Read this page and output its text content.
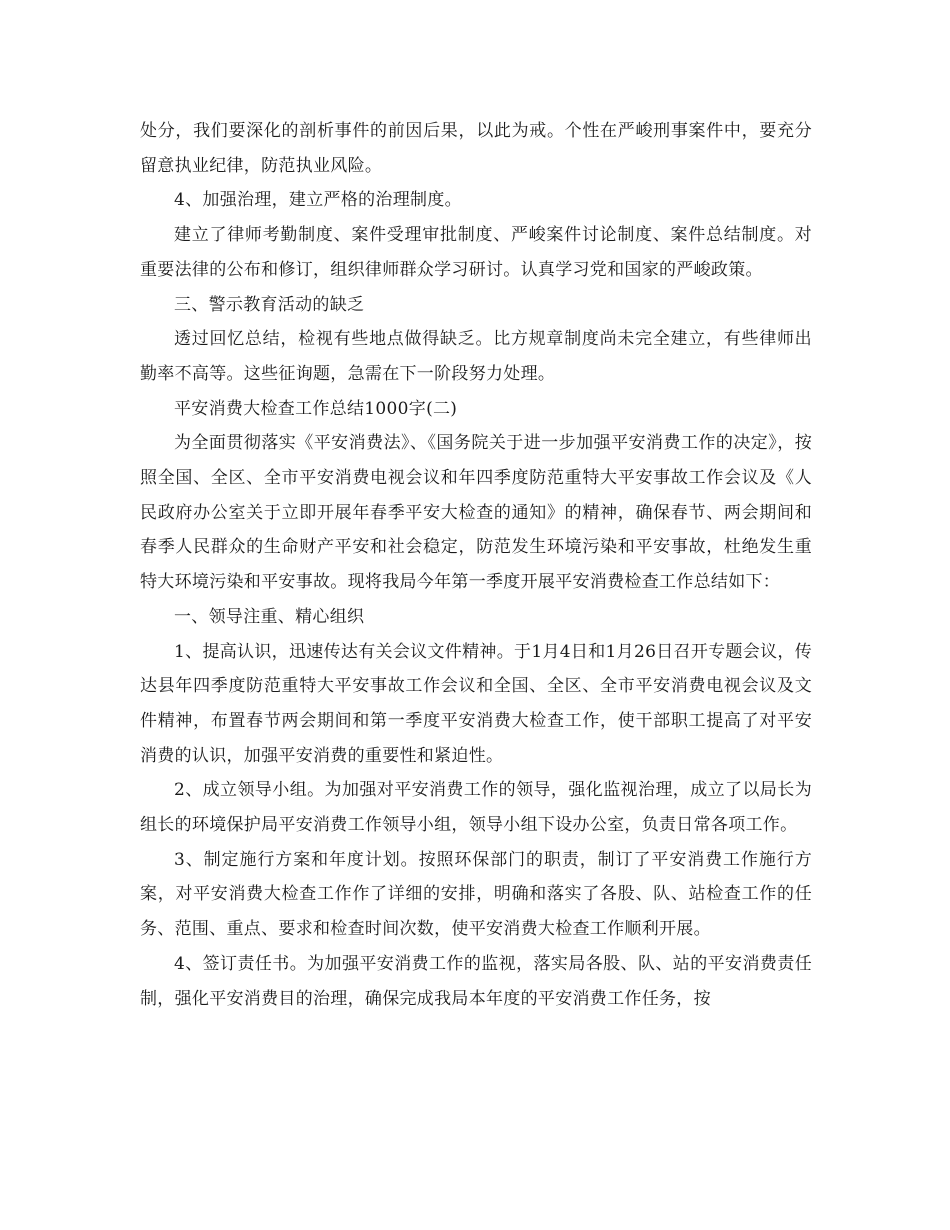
处分，我们要深化的剖析事件的前因后果，以此为戒。个性在严峻刑事案件中，要充分留意执业纪律，防范执业风险。

4、加强治理，建立严格的治理制度。

建立了律师考勤制度、案件受理审批制度、严峻案件讨论制度、案件总结制度。对重要法律的公布和修订，组织律师群众学习研讨。认真学习党和国家的严峻政策。

三、警示教育活动的缺乏

透过回忆总结，检视有些地点做得缺乏。比方规章制度尚未完全建立，有些律师出勤率不高等。这些征询题，急需在下一阶段努力处理。

平安消费大检查工作总结1000字(二)

为全面贯彻落实《平安消费法》、《国务院关于进一步加强平安消费工作的决定》，按照全国、全区、全市平安消费电视会议和年四季度防范重特大平安事故工作会议及《人民政府办公室关于立即开展年春季平安大检查的通知》的精神，确保春节、两会期间和春季人民群众的生命财产平安和社会稳定，防范发生环境污染和平安事故，杜绝发生重特大环境污染和平安事故。现将我局今年第一季度开展平安消费检查工作总结如下：

一、领导注重、精心组织

1、提高认识，迅速传达有关会议文件精神。于1月4日和1月26日召开专题会议，传达县年四季度防范重特大平安事故工作会议和全国、全区、全市平安消费电视会议及文件精神，布置春节两会期间和第一季度平安消费大检查工作，使干部职工提高了对平安消费的认识，加强平安消费的重要性和紧迫性。

2、成立领导小组。为加强对平安消费工作的领导，强化监视治理，成立了以局长为组长的环境保护局平安消费工作领导小组，领导小组下设办公室，负责日常各项工作。

3、制定施行方案和年度计划。按照环保部门的职责，制订了平安消费工作施行方案，对平安消费大检查工作作了详细的安排，明确和落实了各股、队、站检查工作的任务、范围、重点、要求和检查时间次数，使平安消费大检查工作顺利开展。

4、签订责任书。为加强平安消费工作的监视，落实局各股、队、站的平安消费责任制，强化平安消费目的治理，确保完成我局本年度的平安消费工作任务，按
